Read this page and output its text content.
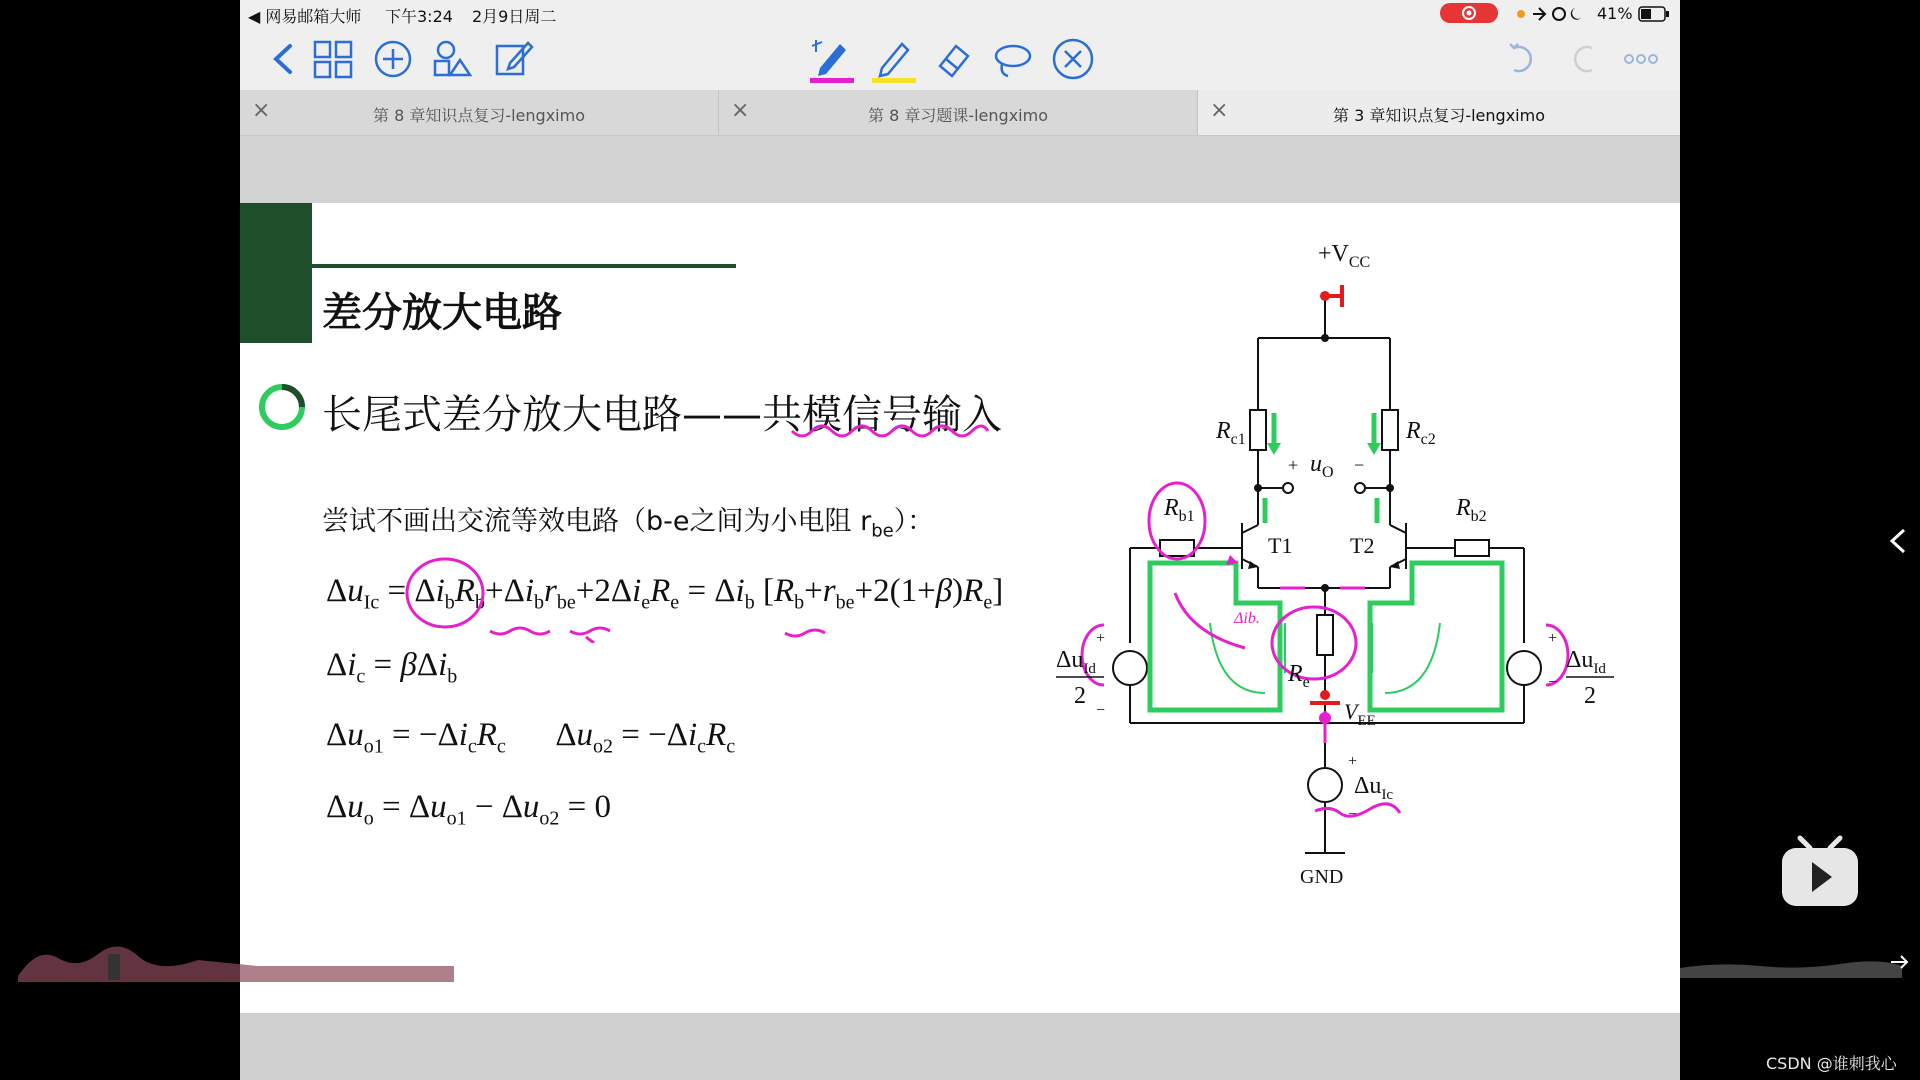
◀ 网易邮箱大师 下午3:24 2月9日周二	41%
×	第 8 章知识点复习-lengximo	×	第 8 章习题课-lengximo	×	第 3 章知识点复习-lengximo
差分放大电路
长尾式差分放大电路——共模信号输入
尝试不画出交流等效电路（b-e之间为小电阻 $r_{be}$）：
$\Delta u_{Ic} = \Delta i_bR_b+\Delta i_br_{be}+2\Delta i_eR_e = \Delta i_b$ $[R_b+r_{be}+2(1+\beta)R_e]$
$\Delta i_c = \beta\Delta i_b$
$\Delta u_{o1} = -\Delta i_cR_c$      $\Delta u_{o2} = -\Delta i_cR_c$
$\Delta u_o = \Delta u_{o1} - \Delta u_{o2} = 0$
$+V_{CC}$
$R_{c1}$	$R_{c2}$
+ $u_O$ −
$R_{b1}$	$R_{b2}$
T1	T2
$R_e$
$V_{EE}$
Δib.
+
$\Delta u_{Id}$
2
−
+
−
$\Delta u_{Id}$
2
+
$\Delta u_{Ic}$
−
GND
CSDN @谁刺我心
